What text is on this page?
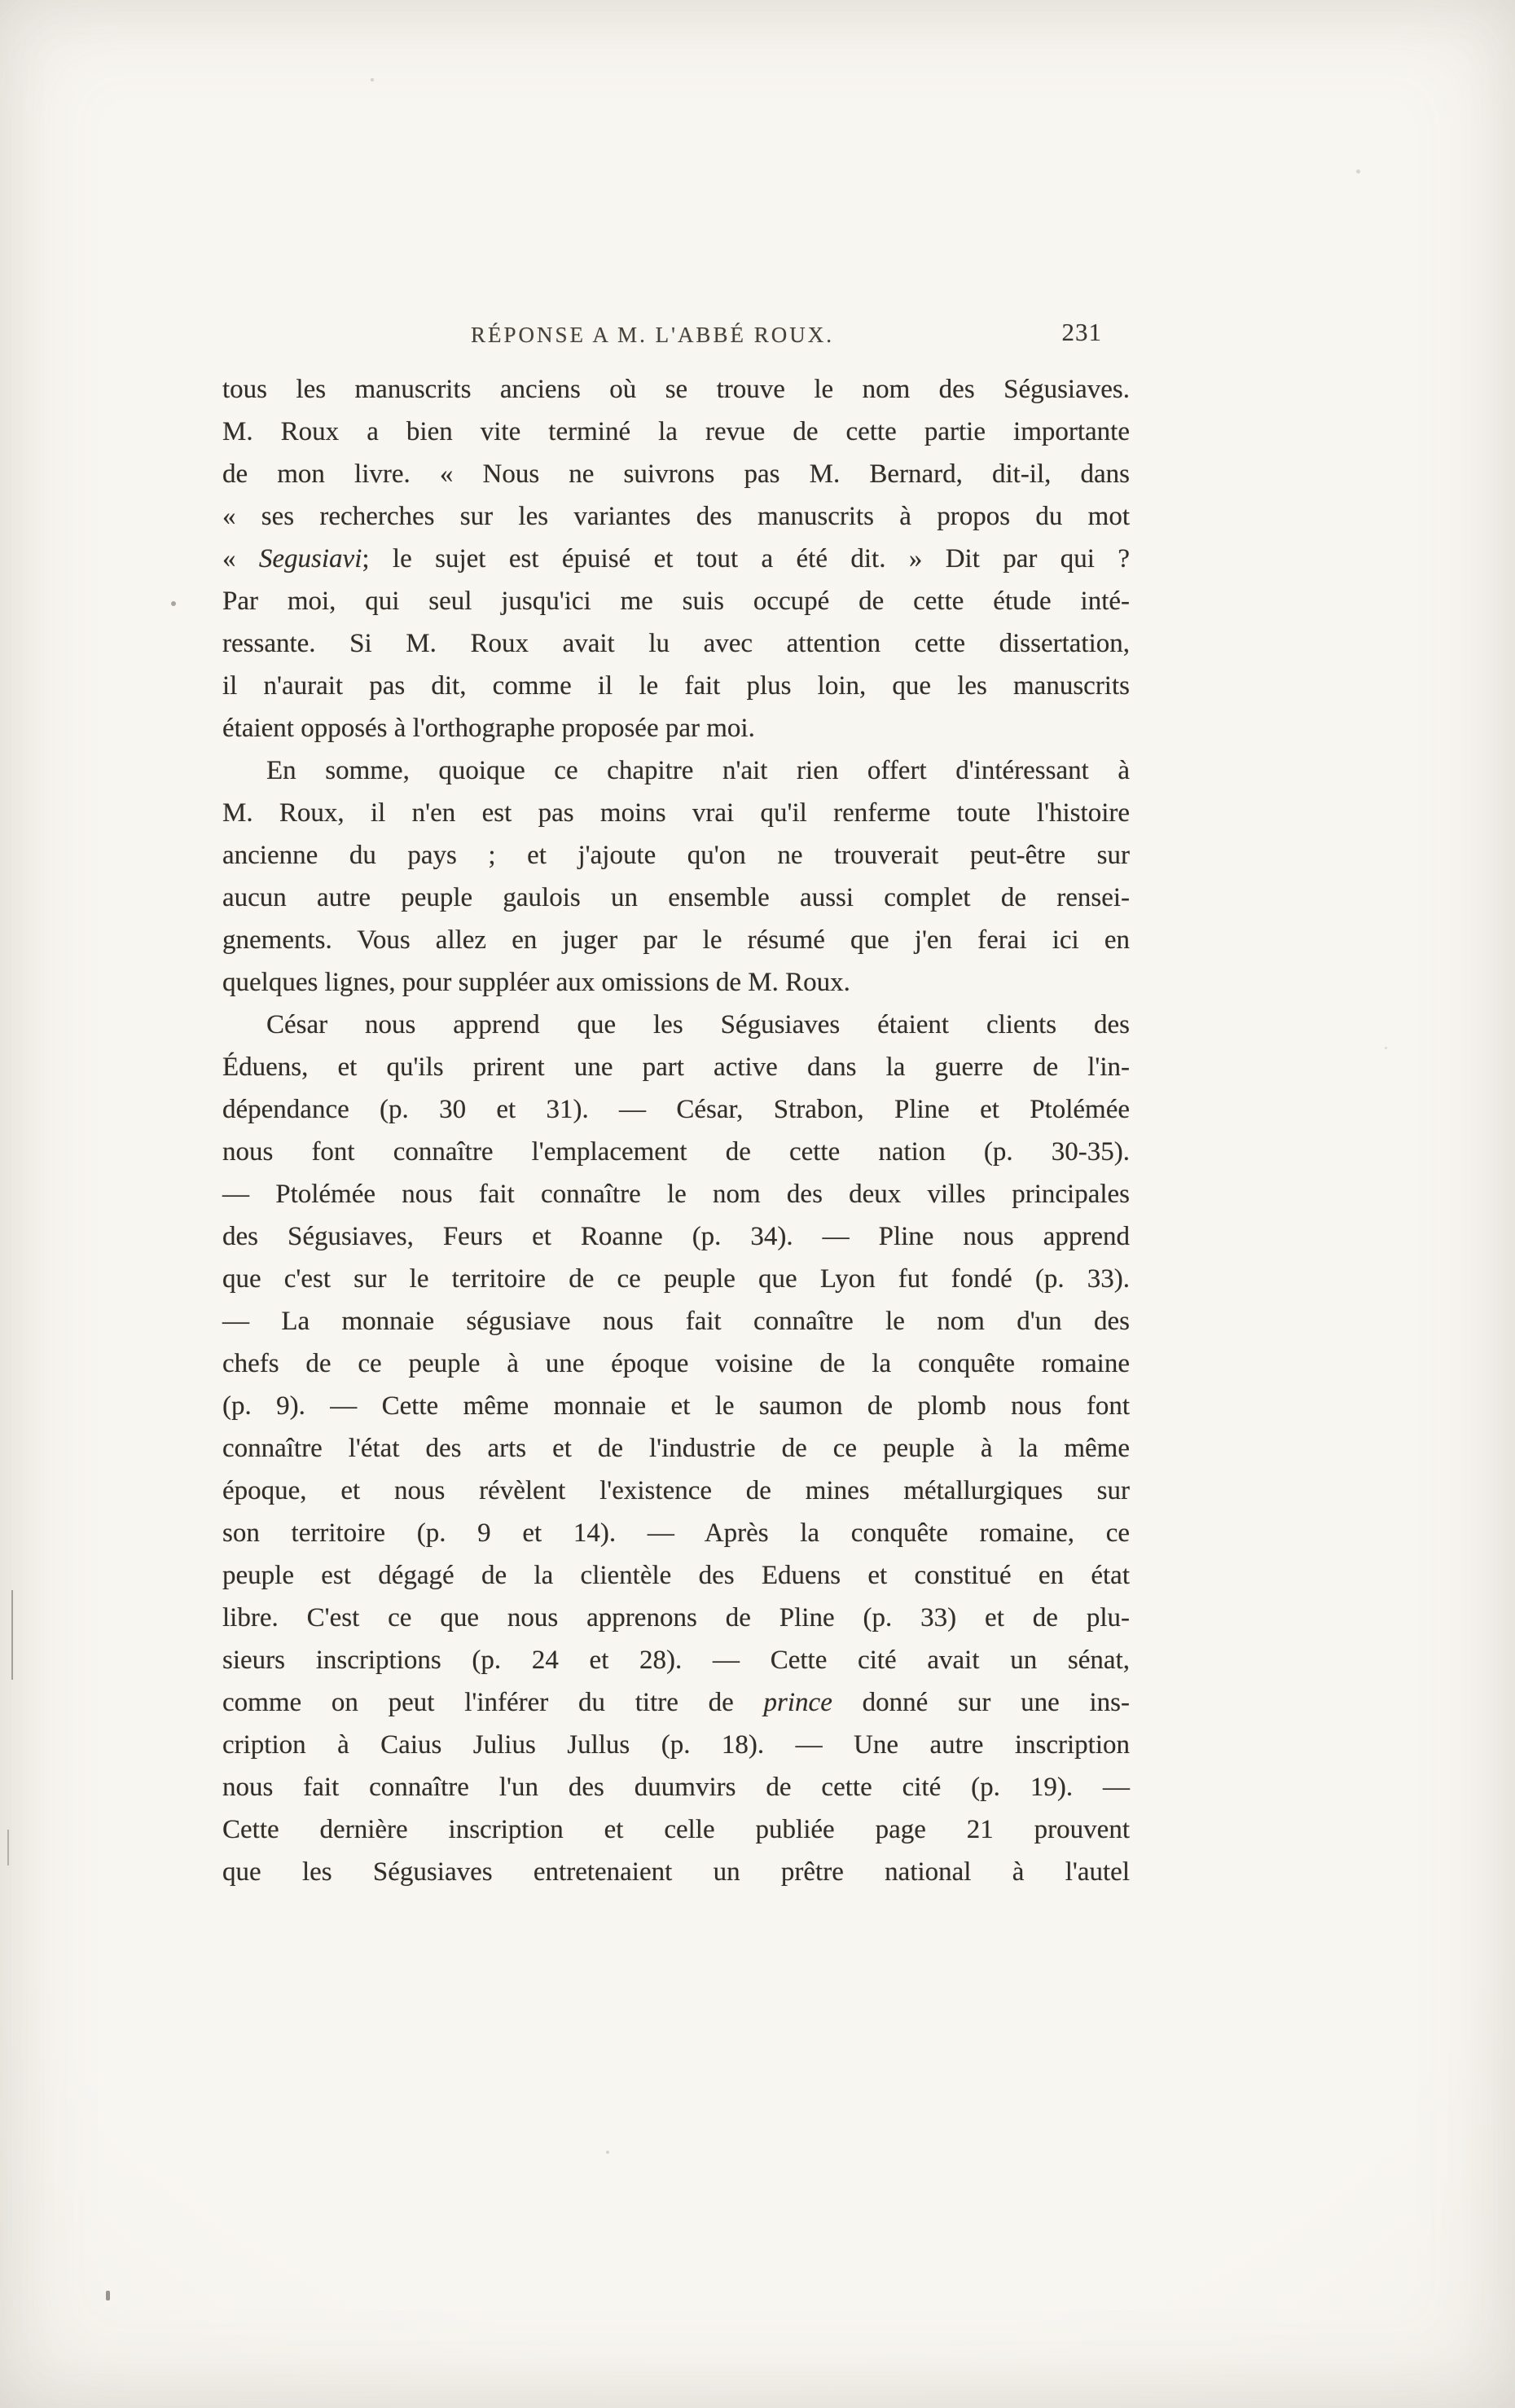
RÉPONSE A M. L'ABBÉ ROUX.	231
tous les manuscrits anciens où se trouve le nom des Ségusiaves.
M. Roux a bien vite terminé la revue de cette partie importante
de mon livre. « Nous ne suivrons pas M. Bernard, dit-il, dans
« ses recherches sur les variantes des manuscrits à propos du mot
« Segusiavi; le sujet est épuisé et tout a été dit. » Dit par qui ?
Par moi, qui seul jusqu'ici me suis occupé de cette étude inté-
ressante. Si M. Roux avait lu avec attention cette dissertation,
il n'aurait pas dit, comme il le fait plus loin, que les manuscrits
étaient opposés à l'orthographe proposée par moi.
En somme, quoique ce chapitre n'ait rien offert d'intéressant à
M. Roux, il n'en est pas moins vrai qu'il renferme toute l'histoire
ancienne du pays ; et j'ajoute qu'on ne trouverait peut-être sur
aucun autre peuple gaulois un ensemble aussi complet de rensei-
gnements. Vous allez en juger par le résumé que j'en ferai ici en
quelques lignes, pour suppléer aux omissions de M. Roux.
César nous apprend que les Ségusiaves étaient clients des
Éduens, et qu'ils prirent une part active dans la guerre de l'in-
dépendance (p. 30 et 31). — César, Strabon, Pline et Ptolémée
nous font connaître l'emplacement de cette nation (p. 30-35).
— Ptolémée nous fait connaître le nom des deux villes principales
des Ségusiaves, Feurs et Roanne (p. 34). — Pline nous apprend
que c'est sur le territoire de ce peuple que Lyon fut fondé (p. 33).
— La monnaie ségusiave nous fait connaître le nom d'un des
chefs de ce peuple à une époque voisine de la conquête romaine
(p. 9). — Cette même monnaie et le saumon de plomb nous font
connaître l'état des arts et de l'industrie de ce peuple à la même
époque, et nous révèlent l'existence de mines métallurgiques sur
son territoire (p. 9 et 14). — Après la conquête romaine, ce
peuple est dégagé de la clientèle des Eduens et constitué en état
libre. C'est ce que nous apprenons de Pline (p. 33) et de plu-
sieurs inscriptions (p. 24 et 28). — Cette cité avait un sénat,
comme on peut l'inférer du titre de prince donné sur une ins-
cription à Caius Julius Jullus (p. 18). — Une autre inscription
nous fait connaître l'un des duumvirs de cette cité (p. 19). —
Cette dernière inscription et celle publiée page 21 prouvent
que les Ségusiaves entretenaient un prêtre national à l'autel
